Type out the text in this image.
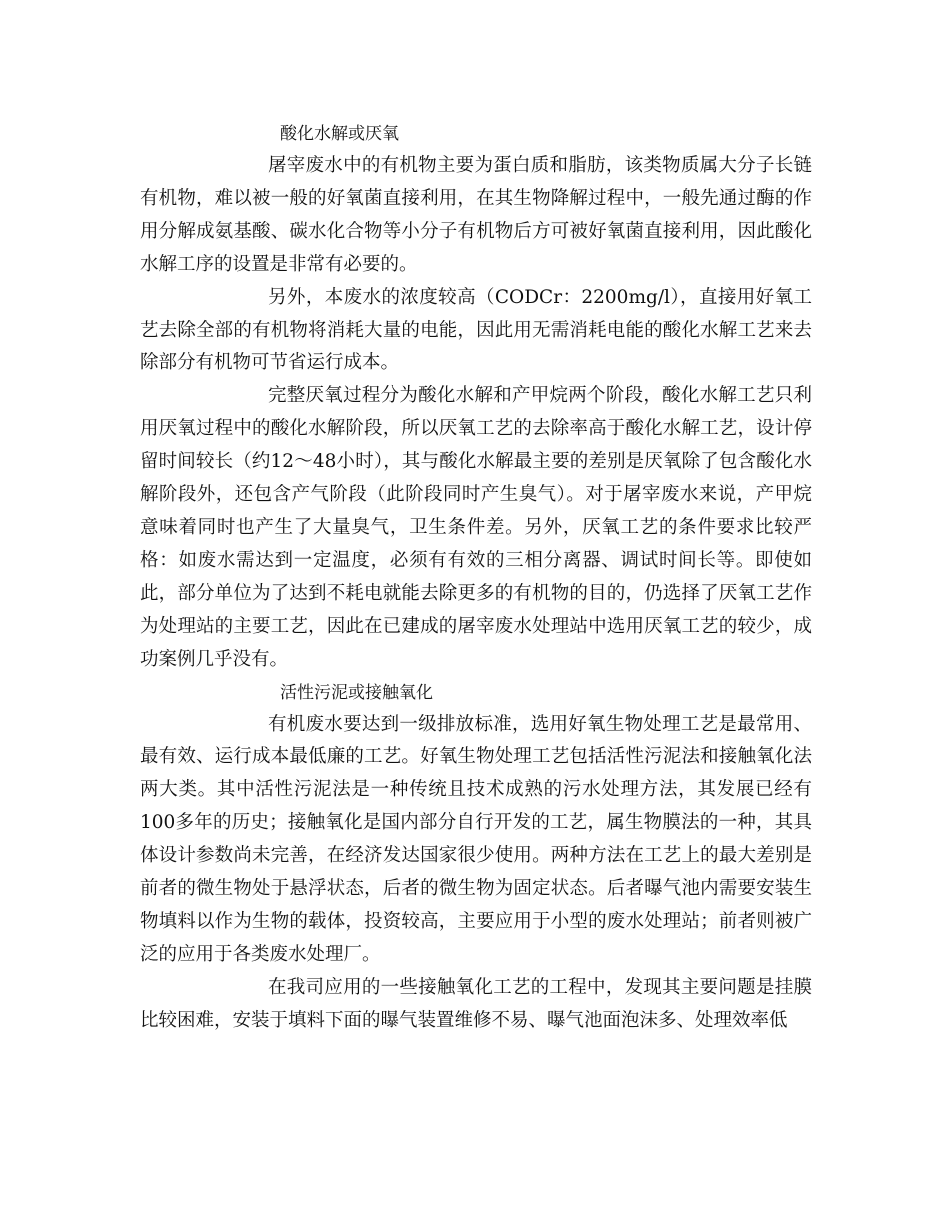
酸化水解或厌氧

屠宰废水中的有机物主要为蛋白质和脂肪，该类物质属大分子长链有机物，难以被一般的好氧菌直接利用，在其生物降解过程中，一般先通过酶的作用分解成氨基酸、碳水化合物等小分子有机物后方可被好氧菌直接利用，因此酸化水解工序的设置是非常有必要的。

另外，本废水的浓度较高（CODCr：2200mg/l），直接用好氧工艺去除全部的有机物将消耗大量的电能，因此用无需消耗电能的酸化水解工艺来去除部分有机物可节省运行成本。

完整厌氧过程分为酸化水解和产甲烷两个阶段，酸化水解工艺只利用厌氧过程中的酸化水解阶段，所以厌氧工艺的去除率高于酸化水解工艺，设计停留时间较长（约12～48小时），其与酸化水解最主要的差别是厌氧除了包含酸化水解阶段外，还包含产气阶段（此阶段同时产生臭气）。对于屠宰废水来说，产甲烷意味着同时也产生了大量臭气，卫生条件差。另外，厌氧工艺的条件要求比较严格：如废水需达到一定温度，必须有有效的三相分离器、调试时间长等。即使如此，部分单位为了达到不耗电就能去除更多的有机物的目的，仍选择了厌氧工艺作为处理站的主要工艺，因此在已建成的屠宰废水处理站中选用厌氧工艺的较少，成功案例几乎没有。

活性污泥或接触氧化

有机废水要达到一级排放标准，选用好氧生物处理工艺是最常用、最有效、运行成本最低廉的工艺。好氧生物处理工艺包括活性污泥法和接触氧化法两大类。其中活性污泥法是一种传统且技术成熟的污水处理方法，其发展已经有100多年的历史；接触氧化是国内部分自行开发的工艺，属生物膜法的一种，其具体设计参数尚未完善，在经济发达国家很少使用。两种方法在工艺上的最大差别是前者的微生物处于悬浮状态，后者的微生物为固定状态。后者曝气池内需要安装生物填料以作为生物的载体，投资较高，主要应用于小型的废水处理站；前者则被广泛的应用于各类废水处理厂。

在我司应用的一些接触氧化工艺的工程中，发现其主要问题是挂膜比较困难，安装于填料下面的曝气装置维修不易、曝气池面泡沫多、处理效率低
